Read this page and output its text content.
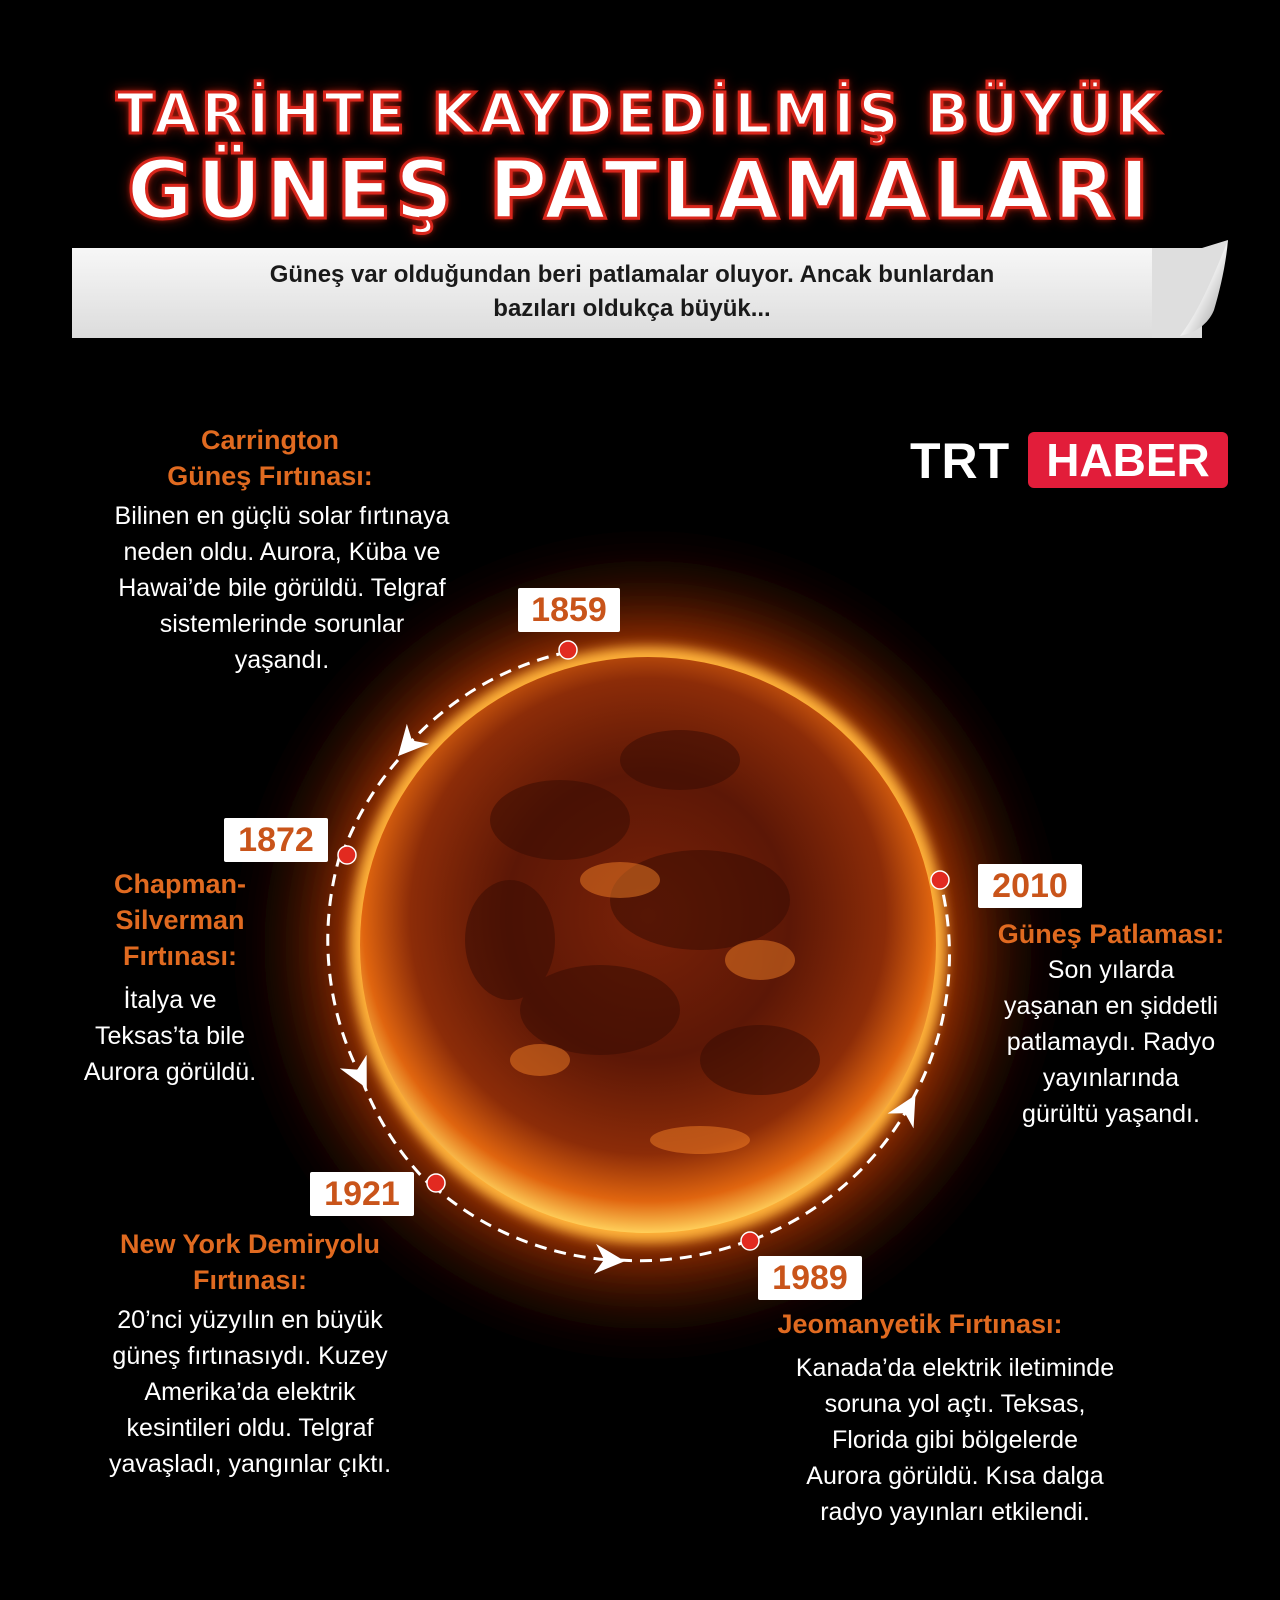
TARİHTE KAYDEDİLMİŞ BÜYÜK
GÜNEŞ PATLAMALARI
Güneş var olduğundan beri patlamalar oluyor. Ancak bunlardan
bazıları oldukça büyük...
TRT HABER
1859
Carrington
Güneş Fırtınası:
Bilinen en güçlü solar fırtınaya
neden oldu. Aurora, Küba ve
Hawai’de bile görüldü. Telgraf
sistemlerinde sorunlar
yaşandı.
1872
Chapman-
Silverman
Fırtınası:
İtalya ve
Teksas’ta bile
Aurora görüldü.
1921
New York Demiryolu
Fırtınası:
20’nci yüzyılın en büyük
güneş fırtınasıydı. Kuzey
Amerika’da elektrik
kesintileri oldu. Telgraf
yavaşladı, yangınlar çıktı.
1989
Jeomanyetik Fırtınası:
Kanada’da elektrik iletiminde
soruna yol açtı. Teksas,
Florida gibi bölgelerde
Aurora görüldü. Kısa dalga
radyo yayınları etkilendi.
2010
Güneş Patlaması:
Son yılarda
yaşanan en şiddetli
patlamaydı. Radyo
yayınlarında
gürültü yaşandı.
